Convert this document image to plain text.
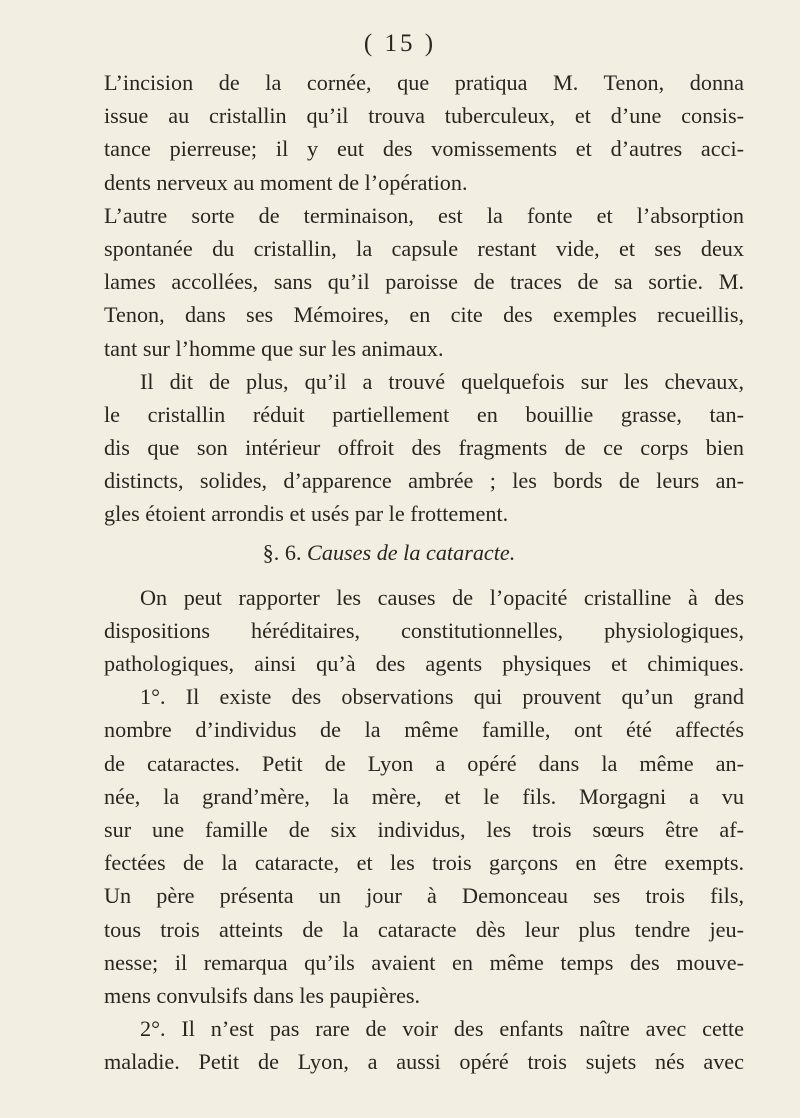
( 15 )
L’incision de la cornée, que pratiqua M. Tenon, donna
issue au cristallin qu’il trouva tuberculeux, et d’une consis-
tance pierreuse; il y eut des vomissements et d’autres acci-
dents nerveux au moment de l’opération.
L’autre sorte de terminaison, est la fonte et l’absorption
spontanée du cristallin, la capsule restant vide, et ses deux
lames accollées, sans qu’il paroisse de traces de sa sortie. M.
Tenon, dans ses Mémoires, en cite des exemples recueillis,
tant sur l’homme que sur les animaux.
Il dit de plus, qu’il a trouvé quelquefois sur les chevaux,
le cristallin réduit partiellement en bouillie grasse, tan-
dis que son intérieur offroit des fragments de ce corps bien
distincts, solides, d’apparence ambrée ; les bords de leurs an-
gles étoient arrondis et usés par le frottement.
§. 6. Causes de la cataracte.
On peut rapporter les causes de l’opacité cristalline à des
dispositions héréditaires, constitutionnelles, physiologiques,
pathologiques, ainsi qu’à des agents physiques et chimiques.
1°. Il existe des observations qui prouvent qu’un grand
nombre d’individus de la même famille, ont été affectés
de cataractes. Petit de Lyon a opéré dans la même an-
née, la grand’mère, la mère, et le fils. Morgagni a vu
sur une famille de six individus, les trois sœurs être af-
fectées de la cataracte, et les trois garçons en être exempts.
Un père présenta un jour à Demonceau ses trois fils,
tous trois atteints de la cataracte dès leur plus tendre jeu-
nesse; il remarqua qu’ils avaient en même temps des mouve-
mens convulsifs dans les paupières.
2°. Il n’est pas rare de voir des enfants naître avec cette
maladie. Petit de Lyon, a aussi opéré trois sujets nés avec
